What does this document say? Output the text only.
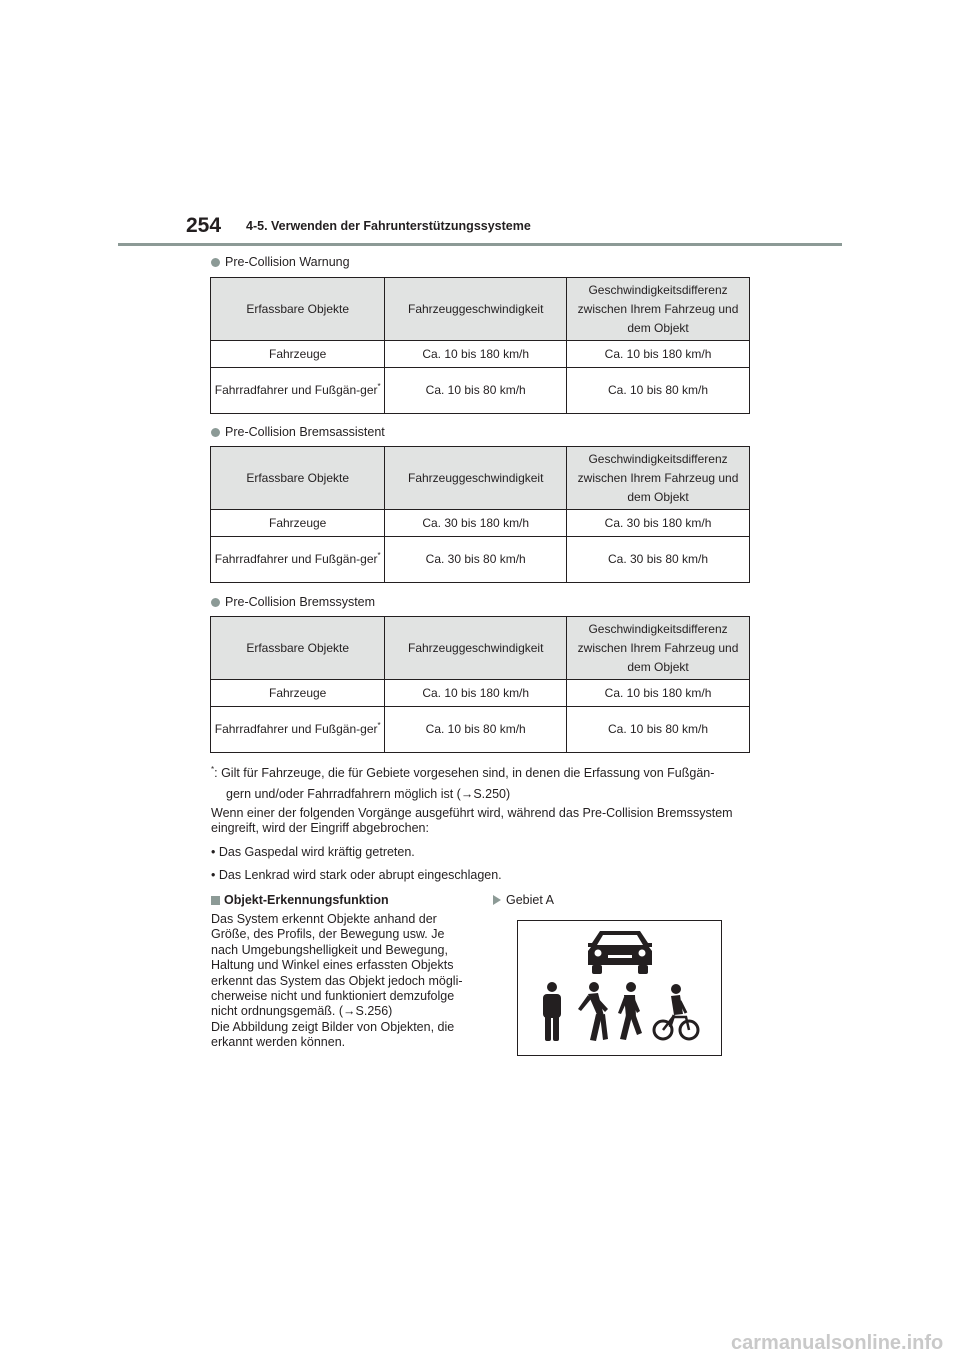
254 4-5. Verwenden der Fahrunterstützungssysteme
Pre-Collision Warnung
Erfassbare Objekte	Fahrzeuggeschwindigkeit	Geschwindigkeitsdifferenz zwischen Ihrem Fahrzeug und dem Objekt
Fahrzeuge	Ca. 10 bis 180 km/h	Ca. 10 bis 180 km/h
Fahrradfahrer und Fußgän-ger*	Ca. 10 bis 80 km/h	Ca. 10 bis 80 km/h
Pre-Collision Bremsassistent
Erfassbare Objekte	Fahrzeuggeschwindigkeit	Geschwindigkeitsdifferenz zwischen Ihrem Fahrzeug und dem Objekt
Fahrzeuge	Ca. 30 bis 180 km/h	Ca. 30 bis 180 km/h
Fahrradfahrer und Fußgän-ger*	Ca. 30 bis 80 km/h	Ca. 30 bis 80 km/h
Pre-Collision Bremssystem
Erfassbare Objekte	Fahrzeuggeschwindigkeit	Geschwindigkeitsdifferenz zwischen Ihrem Fahrzeug und dem Objekt
Fahrzeuge	Ca. 10 bis 180 km/h	Ca. 10 bis 180 km/h
Fahrradfahrer und Fußgän-ger*	Ca. 10 bis 80 km/h	Ca. 10 bis 80 km/h
*: Gilt für Fahrzeuge, die für Gebiete vorgesehen sind, in denen die Erfassung von Fußgän-
gern und/oder Fahrradfahrern möglich ist (→S.250)
Wenn einer der folgenden Vorgänge ausgeführt wird, während das Pre-Collision Bremssystem eingreift, wird der Eingriff abgebrochen:
• Das Gaspedal wird kräftig getreten.
• Das Lenkrad wird stark oder abrupt eingeschlagen.
Objekt-Erkennungsfunktion
Das System erkennt Objekte anhand der
Größe, des Profils, der Bewegung usw. Je
nach Umgebungshelligkeit und Bewegung,
Haltung und Winkel eines erfassten Objekts
erkennt das System das Objekt jedoch mögli-
cherweise nicht und funktioniert demzufolge
nicht ordnungsgemäß. (→S.256)
Die Abbildung zeigt Bilder von Objekten, die
erkannt werden können.
Gebiet A
carmanualsonline.info
